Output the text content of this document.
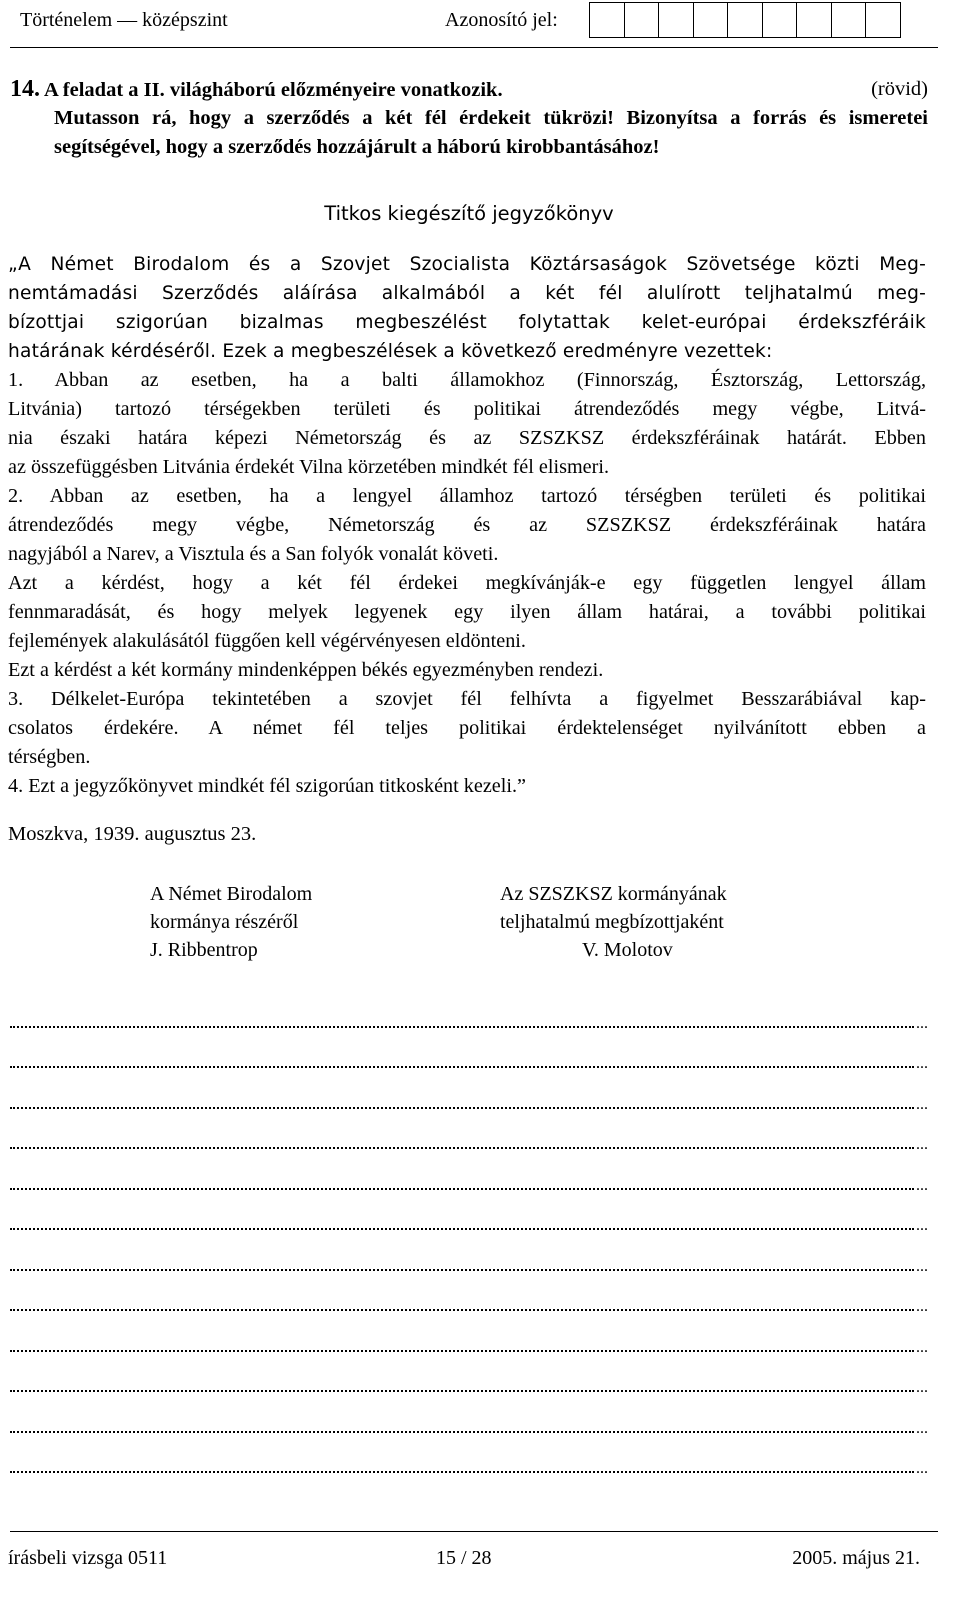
Történelem — középszint	Azonosító jel:
14. A feladat a II. világháború előzményeire vonatkozik.	(rövid)
Mutasson rá, hogy a szerződés a két fél érdekeit tükrözi! Bizonyítsa a forrás és ismeretei segítségével, hogy a szerződés hozzájárult a háború kirobbantásához!
Titkos kiegészítő jegyzőkönyv

„A Német Birodalom és a Szovjet Szocialista Köztársaságok Szövetsége közti Meg-

nemtámadási Szerződés aláírása alkalmából a két fél alulírott teljhatalmú meg-

bízottjai szigorúan bizalmas megbeszélést folytattak kelet-európai érdekszféráik

határának kérdéséről. Ezek a megbeszélések a következő eredményre vezettek:

1. Abban az esetben, ha a balti államokhoz (Finnország, Észtország, Lettország,

Litvánia) tartozó térségekben területi és politikai átrendeződés megy végbe, Litvá-

nia északi határa képezi Németország és az SZSZKSZ érdekszféráinak határát. Ebben

az összefüggésben Litvánia érdekét Vilna körzetében mindkét fél elismeri.

2. Abban az esetben, ha a lengyel államhoz tartozó térségben területi és politikai

átrendeződés megy végbe, Németország és az SZSZKSZ érdekszféráinak határa

nagyjából a Narev, a Visztula és a San folyók vonalát követi.

Azt a kérdést, hogy a két fél érdekei megkívánják-e egy független lengyel állam

fennmaradását, és hogy melyek legyenek egy ilyen állam határai, a további politikai

fejlemények alakulásától függően kell végérvényesen eldönteni.

Ezt a kérdést a két kormány mindenképpen békés egyezményben rendezi.

3. Délkelet-Európa tekintetében a szovjet fél felhívta a figyelmet Besszarábiával kap-

csolatos érdekére. A német fél teljes politikai érdektelenséget nyilvánított ebben a

térségben.

4. Ezt a jegyzőkönyvet mindkét fél szigorúan titkosként kezeli.”

Moszkva, 1939. augusztus 23.
A Német Birodalom
kormánya részéről
J. Ribbentrop
Az SZSZKSZ kormányának
teljhatalmú megbízottjaként
V. Molotov
...
...
...
...
...
...
...
...
...
...
...
...
írásbeli vizsga 0511	15 / 28	2005. május 21.
